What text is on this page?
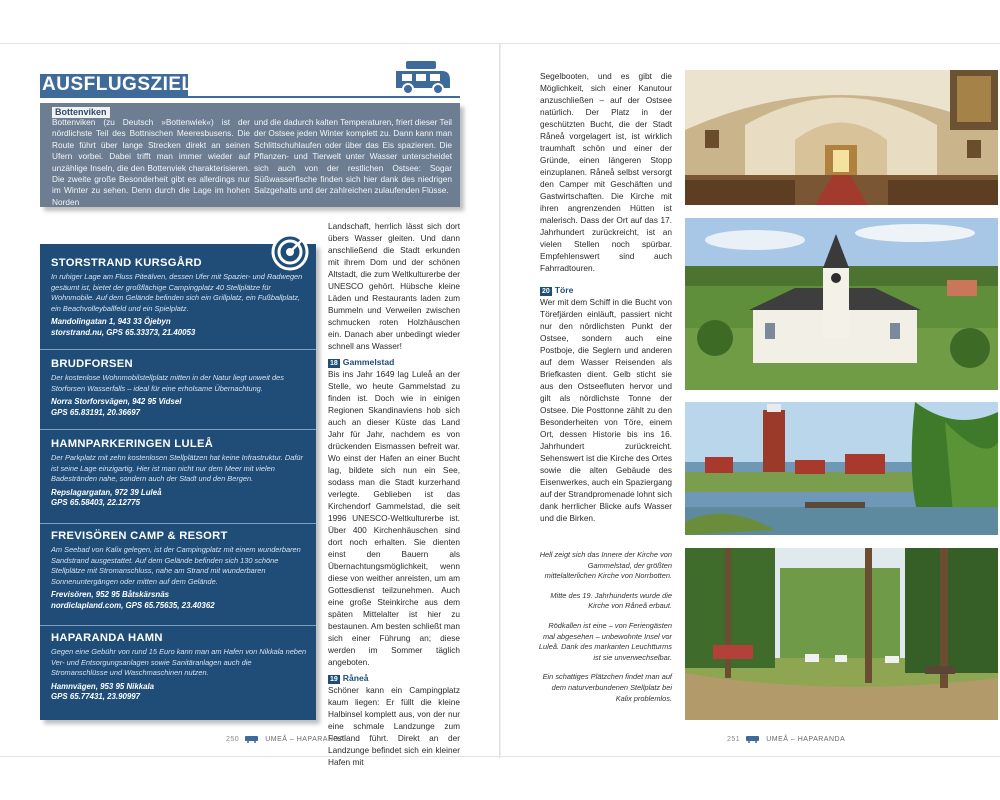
AUSFLUGSZIEL
Bottenviken
Bottenviken (zu Deutsch »Bottenwiek«) ist der nördlichste Teil des Bottnischen Meeresbusens. Die Route führt über lange Strecken direkt an seinen Ufern vorbei. Dabei trifft man immer wieder auf unzählige Inseln, die den Bottenviek charakterisieren. Die zweite große Besonderheit gibt es allerdings nur im Winter zu sehen. Denn durch die Lage im hohen Norden
und die dadurch kalten Temperaturen, friert dieser Teil der Ostsee jeden Winter komplett zu. Dann kann man Schlittschuhlaufen oder über das Eis spazieren. Die Pflanzen- und Tierwelt unter Wasser unterscheidet sich auch von der restlichen Ostsee: Sogar Süßwasserfische finden sich hier dank des niedrigen Salzgehalts und der zahlreichen zulaufenden Flüsse.
STORSTRAND KURSGÅRD
In ruhiger Lage am Fluss Piteälven, dessen Ufer mit Spazier- und Radwegen gesäumt ist, bietet der großflächige Campingplatz 40 Stellplätze für Wohnmobile. Auf dem Gelände befinden sich ein Grillplatz, ein Fußballplatz, ein Beachvolleyballfeld und ein Spielplatz.
Mandolingatan 1, 943 33 Öjebyn
storstrand.nu, GPS 65.33373, 21.40053
BRUDFORSEN
Der kostenlose Wohnmobilstellplatz mitten in der Natur liegt unweit des Storforsen Wasserfalls – ideal für eine erholsame Übernachtung.
Norra Storforsvägen, 942 95 Vidsel
GPS 65.83191, 20.36697
HAMNPARKERINGEN LULEÅ
Der Parkplatz mit zehn kostenlosen Stellplätzen hat keine Infrastruktur. Dafür ist seine Lage einzigartig. Hier ist man nicht nur dem Meer mit vielen Badestränden nahe, sondern auch der Stadt und den Bergen.
Repslagargatan, 972 39 Luleå
GPS 65.58403, 22.12775
FREVISÖREN CAMP & RESORT
Am Seebad von Kalix gelegen, ist der Campingplatz mit einem wunderbaren Sandstrand ausgestattet. Auf dem Gelände befinden sich 130 schöne Stellplätze mit Stromanschluss, nahe am Strand mit wunderbaren Sonnenuntergängen oder mitten auf dem Gelände.
Frevisören, 952 95 Båtskärsnäs
nordiclapland.com, GPS 65.75635, 23.40362
HAPARANDA HAMN
Gegen eine Gebühr von rund 15 Euro kann man am Hafen von Nikkala neben Ver- und Entsorgungsanlagen sowie Sanitäranlagen auch die Stromanschlüsse und Waschmaschinen nutzen.
Hamnvägen, 953 95 Nikkala
GPS 65.77431, 23.90997
Landschaft, herrlich lässt sich dort übers Wasser gleiten. Und dann anschließend die Stadt erkunden mit ihrem Dom und der schönen Altstadt, die zum Weltkulturerbe der UNESCO gehört. Hübsche kleine Läden und Restaurants laden zum Bummeln und Verweilen zwischen schmucken roten Holzhäuschen ein. Danach aber unbedingt wieder schnell ans Wasser!
18 Gammelstad
Bis ins Jahr 1649 lag Luleå an der Stelle, wo heute Gammelstad zu finden ist. Doch wie in einigen Regionen Skandinaviens hob sich auch an dieser Küste das Land Jahr für Jahr, nachdem es von drückenden Eismassen befreit war. Wo einst der Hafen an einer Bucht lag, bildete sich nun ein See, sodass man die Stadt kurzerhand verlegte. Geblieben ist das Kirchendorf Gammelstad, die seit 1996 UNESCO-Weltkulturerbe ist. Über 400 Kirchenhäuschen sind dort noch erhalten. Sie dienten einst den Bauern als Übernachtungsmöglichkeit, wenn diese von weither anreisten, um am Gottesdienst teilzunehmen. Auch eine große Steinkirche aus dem späten Mittelalter ist hier zu bestaunen. Am besten schließt man sich einer Führung an; diese werden im Sommer täglich angeboten.
19 Råneå
Schöner kann ein Campingplatz kaum liegen: Er füllt die kleine Halbinsel komplett aus, von der nur eine schmale Landzunge zum Festland führt. Direkt an der Landzunge befindet sich ein kleiner Hafen mit
250	UMEÅ – HAPARANDA
Segelbooten, und es gibt die Möglichkeit, sich einer Kanutour anzuschließen – auf der Ostsee natürlich. Der Platz in der geschützten Bucht, die der Stadt Råneå vorgelagert ist, ist wirklich traumhaft schön und einer der Gründe, einen längeren Stopp einzuplanen. Råneå selbst versorgt den Camper mit Geschäften und Gastwirtschaften. Die Kirche mit ihren angrenzenden Hütten ist malerisch. Dass der Ort auf das 17. Jahrhundert zurückreicht, ist an vielen Stellen noch spürbar. Empfehlenswert sind auch Fahrradtouren.
20 Töre
Wer mit dem Schiff in die Bucht von Törefjärden einläuft, passiert nicht nur den nördlichsten Punkt der Ostsee, sondern auch eine Postboje, die Seglern und anderen auf dem Wasser Reisenden als Briefkasten dient. Gelb sticht sie aus den Ostseefluten hervor und gilt als nördlichste Tonne der Ostsee. Die Posttonne zählt zu den Besonderheiten von Töre, einem Ort, dessen Historie bis ins 16. Jahrhundert zurückreicht. Sehenswert ist die Kirche des Ortes sowie die alten Gebäude des Eisenwerkes, auch ein Spaziergang auf der Strandpromenade lohnt sich dank herrlicher Blicke aufs Wasser und die Birken.

Hell zeigt sich das Innere der Kirche von Gammelstad, der größten mittelalterlichen Kirche von Norrbotten.

Mitte des 19. Jahrhunderts wurde die Kirche von Råneå erbaut.

Rödkallen ist eine – von Feriengästen mal abgesehen – unbewohnte Insel vor Luleå. Dank des markanten Leuchtturms ist sie unverwechselbar.

Ein schattiges Plätzchen findet man auf dem naturverbundenen Stellplatz bei Kalix problemlos.

251	UMEÅ – HAPARANDA
